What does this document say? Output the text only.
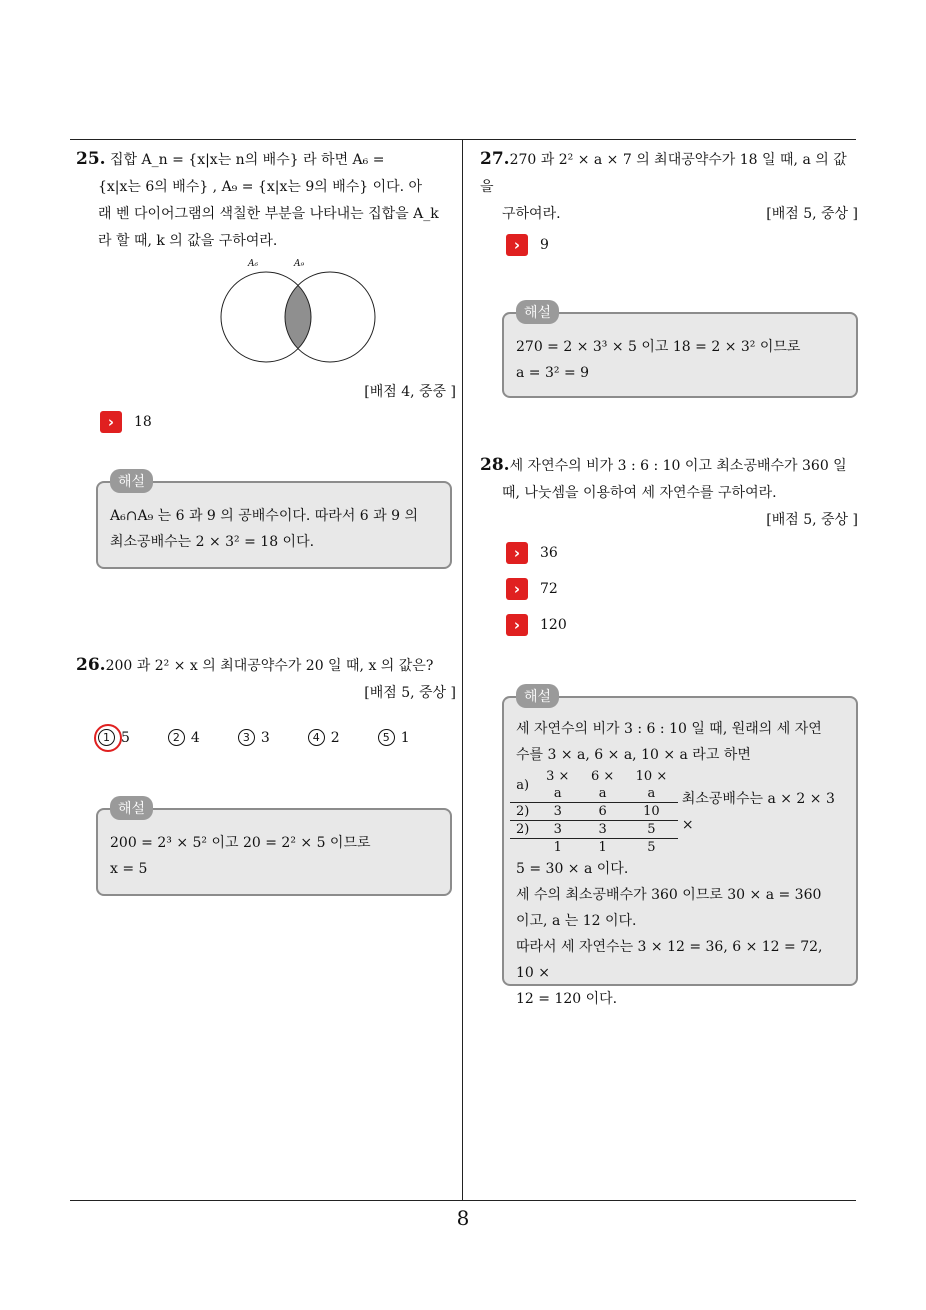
25. 집합 A_n = {x|x는 n의 배수} 라 하면 A₆ =
{x|x는 6의 배수} , A₉ = {x|x는 9의 배수} 이다. 아
래 벤 다이어그램의 색칠한 부분을 나타내는 집합을 A_k
라 할 때, k 의 값을 구하여라.
A₆	A₉
[배점 4, 중중 ]
›	18
해설
A₆∩A₉ 는 6 과 9 의 공배수이다. 따라서 6 과 9 의
최소공배수는 2 × 3² = 18 이다.
26.200 과 2² × x 의 최대공약수가 20 일 때, x 의 값은?
[배점 5, 중상 ]
1 5	2 4	3 3	4 2	5 1
해설
200 = 2³ × 5² 이고 20 = 2² × 5 이므로
x = 5
27.270 과 2² × a × 7 의 최대공약수가 18 일 때, a 의 값을
구하여라.	[배점 5, 중상 ]
›	9
해설
270 = 2 × 3³ × 5 이고 18 = 2 × 3² 이므로
a = 3² = 9
28.세 자연수의 비가 3 : 6 : 10 이고 최소공배수가 360 일
때, 나눗셈을 이용하여 세 자연수를 구하여라.
[배점 5, 중상 ]
›	36
›	72
›	120
해설
세 자연수의 비가 3 : 6 : 10 일 때, 원래의 세 자연
수를 3 × a, 6 × a, 10 × a 라고 하면
a)	3 × a	6 × a	10 × a
2)	3	6	10
2)	3	3	5
	1	1	5
최소공배수는 a × 2 × 3 ×
5 = 30 × a 이다.
세 수의 최소공배수가 360 이므로 30 × a = 360
이고, a 는 12 이다.
따라서 세 자연수는 3 × 12 = 36, 6 × 12 = 72, 10 ×
12 = 120 이다.
8
